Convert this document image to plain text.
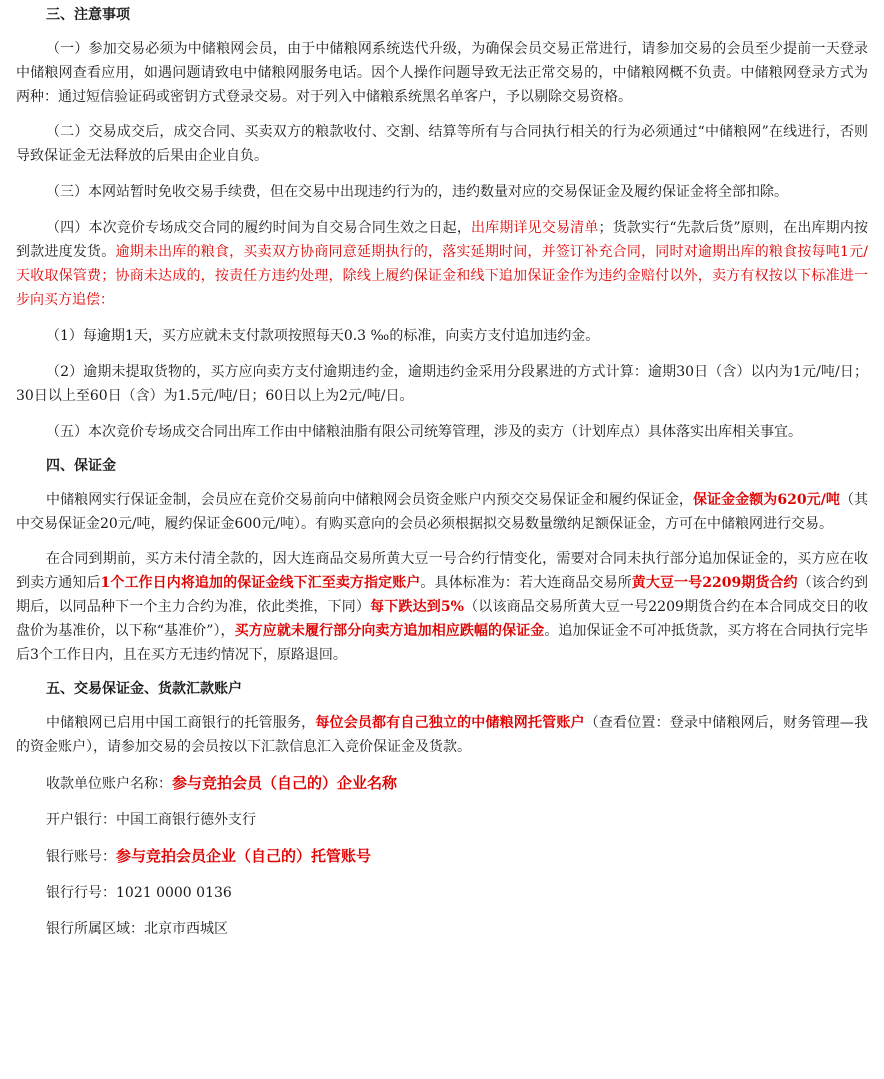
三、注意事项

（一）参加交易必须为中储粮网会员，由于中储粮网系统迭代升级，为确保会员交易正常进行，请参加交易的会员至少提前一天登录中储粮网查看应用，如遇问题请致电中储粮网服务电话。因个人操作问题导致无法正常交易的，中储粮网概不负责。中储粮网登录方式为两种：通过短信验证码或密钥方式登录交易。对于列入中储粮系统黑名单客户，予以剔除交易资格。

（二）交易成交后，成交合同、买卖双方的粮款收付、交割、结算等所有与合同执行相关的行为必须通过“中储粮网”在线进行，否则导致保证金无法释放的后果由企业自负。

（三）本网站暂时免收交易手续费，但在交易中出现违约行为的，违约数量对应的交易保证金及履约保证金将全部扣除。

（四）本次竞价专场成交合同的履约时间为自交易合同生效之日起，出库期详见交易清单；货款实行“先款后货”原则，在出库期内按到款进度发货。逾期未出库的粮食，买卖双方协商同意延期执行的，落实延期时间，并签订补充合同，同时对逾期出库的粮食按每吨1元/天收取保管费；协商未达成的，按责任方违约处理，除线上履约保证金和线下追加保证金作为违约金赔付以外，卖方有权按以下标准进一步向买方追偿：

（1）每逾期1天，买方应就未支付款项按照每天0.3 ‰的标准，向卖方支付追加违约金。

（2）逾期未提取货物的，买方应向卖方支付逾期违约金，逾期违约金采用分段累进的方式计算：逾期30日（含）以内为1元/吨/日；30日以上至60日（含）为1.5元/吨/日；60日以上为2元/吨/日。

（五）本次竞价专场成交合同出库工作由中储粮油脂有限公司统筹管理，涉及的卖方（计划库点）具体落实出库相关事宜。

四、保证金

中储粮网实行保证金制，会员应在竞价交易前向中储粮网会员资金账户内预交交易保证金和履约保证金，保证金金额为620元/吨（其中交易保证金20元/吨，履约保证金600元/吨）。有购买意向的会员必须根据拟交易数量缴纳足额保证金，方可在中储粮网进行交易。

在合同到期前，买方未付清全款的，因大连商品交易所黄大豆一号合约行情变化，需要对合同未执行部分追加保证金的，买方应在收到卖方通知后1个工作日内将追加的保证金线下汇至卖方指定账户。具体标准为：若大连商品交易所黄大豆一号2209期货合约（该合约到期后，以同品种下一个主力合约为准，依此类推，下同）每下跌达到5%（以该商品交易所黄大豆一号2209期货合约在本合同成交日的收盘价为基准价，以下称“基准价”），买方应就未履行部分向卖方追加相应跌幅的保证金。追加保证金不可冲抵货款，买方将在合同执行完毕后3个工作日内，且在买方无违约情况下，原路退回。

五、交易保证金、货款汇款账户

中储粮网已启用中国工商银行的托管服务，每位会员都有自己独立的中储粮网托管账户（查看位置：登录中储粮网后，财务管理—我的资金账户），请参加交易的会员按以下汇款信息汇入竞价保证金及货款。

收款单位账户名称：参与竞拍会员（自己的）企业名称
开户银行：中国工商银行德外支行
银行账号：参与竞拍会员企业（自己的）托管账号
银行行号：1021 0000 0136
银行所属区域：北京市西城区
